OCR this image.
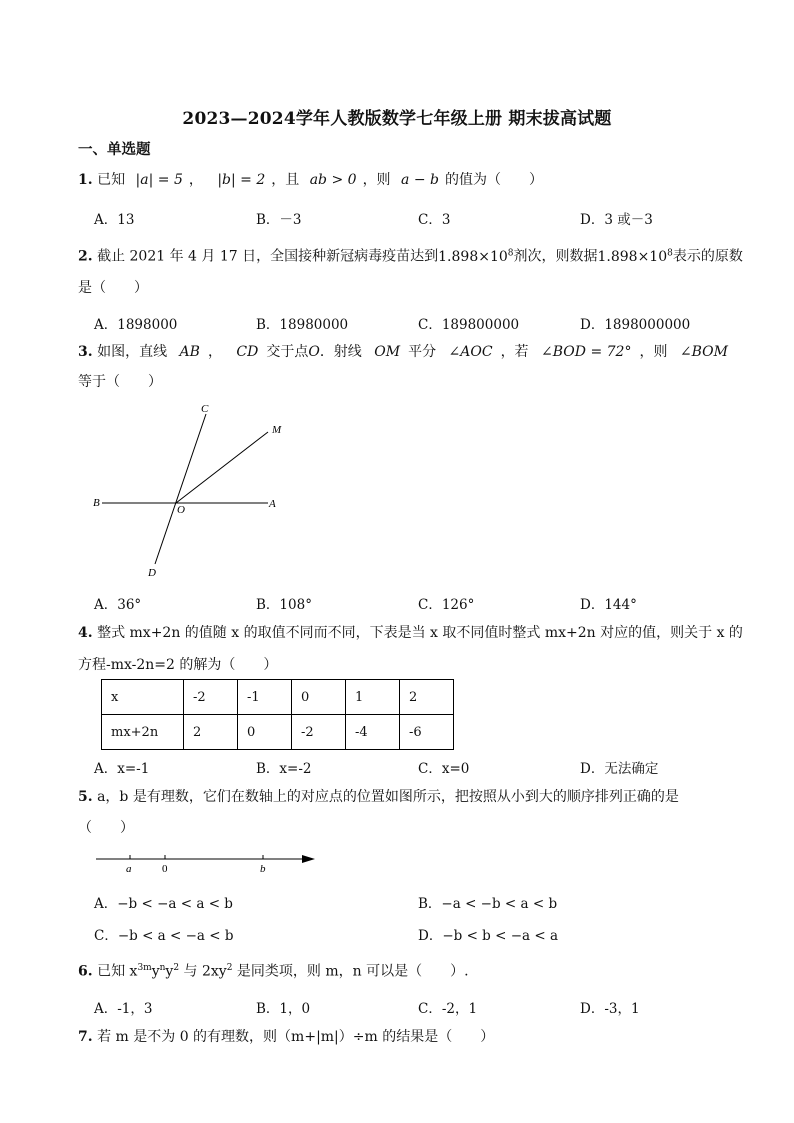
2023—2024学年人教版数学七年级上册 期末拔高试题
一、单选题
1. 已知 |a| = 5 ， |b| = 2 ，且 ab > 0 ，则 a − b 的值为（　　）
A．13	B．－3	C．3	D．3 或－3
2. 截止 2021 年 4 月 17 日，全国接种新冠病毒疫苗达到$1.898\times 10^8$剂次，则数据$1.898\times 10^8$表示的原数
是（　　）
A．1898000	B．18980000	C．189800000	D．1898000000
3. 如图，直线 AB ， CD 交于点O．射线 OM 平分 ∠AOC ，若 ∠BOD = 72° ，则 ∠BOM
等于（　　）
C
M
B
O	A
D
A．36°	B．108°	C．126°	D．144°
4. 整式 mx+2n 的值随 x 的取值不同而不同，下表是当 x 取不同值时整式 mx+2n 对应的值，则关于 x 的
方程-mx-2n=2 的解为（　　）
x	-2	-1	0	1	2
mx+2n	2	0	-2	-4	-6
A．x=-1	B．x=-2	C．x=0	D．无法确定
5. a，b 是有理数，它们在数轴上的对应点的位置如图所示，把按照从小到大的顺序排列正确的是
（　　）
a	0	b
A．−b < −a < a < b	B．−a < −b < a < b
C．−b < a < −a < b	D．−b < b < −a < a
6. 已知 $x^{3m}y^ny^2$ 与 $2xy^2$ 是同类项，则 m，n 可以是（　　）.
A．-1，3	B．1，0	C．-2，1	D．-3，1
7. 若 m 是不为 0 的有理数，则（m+|m|）÷m 的结果是（　　）
